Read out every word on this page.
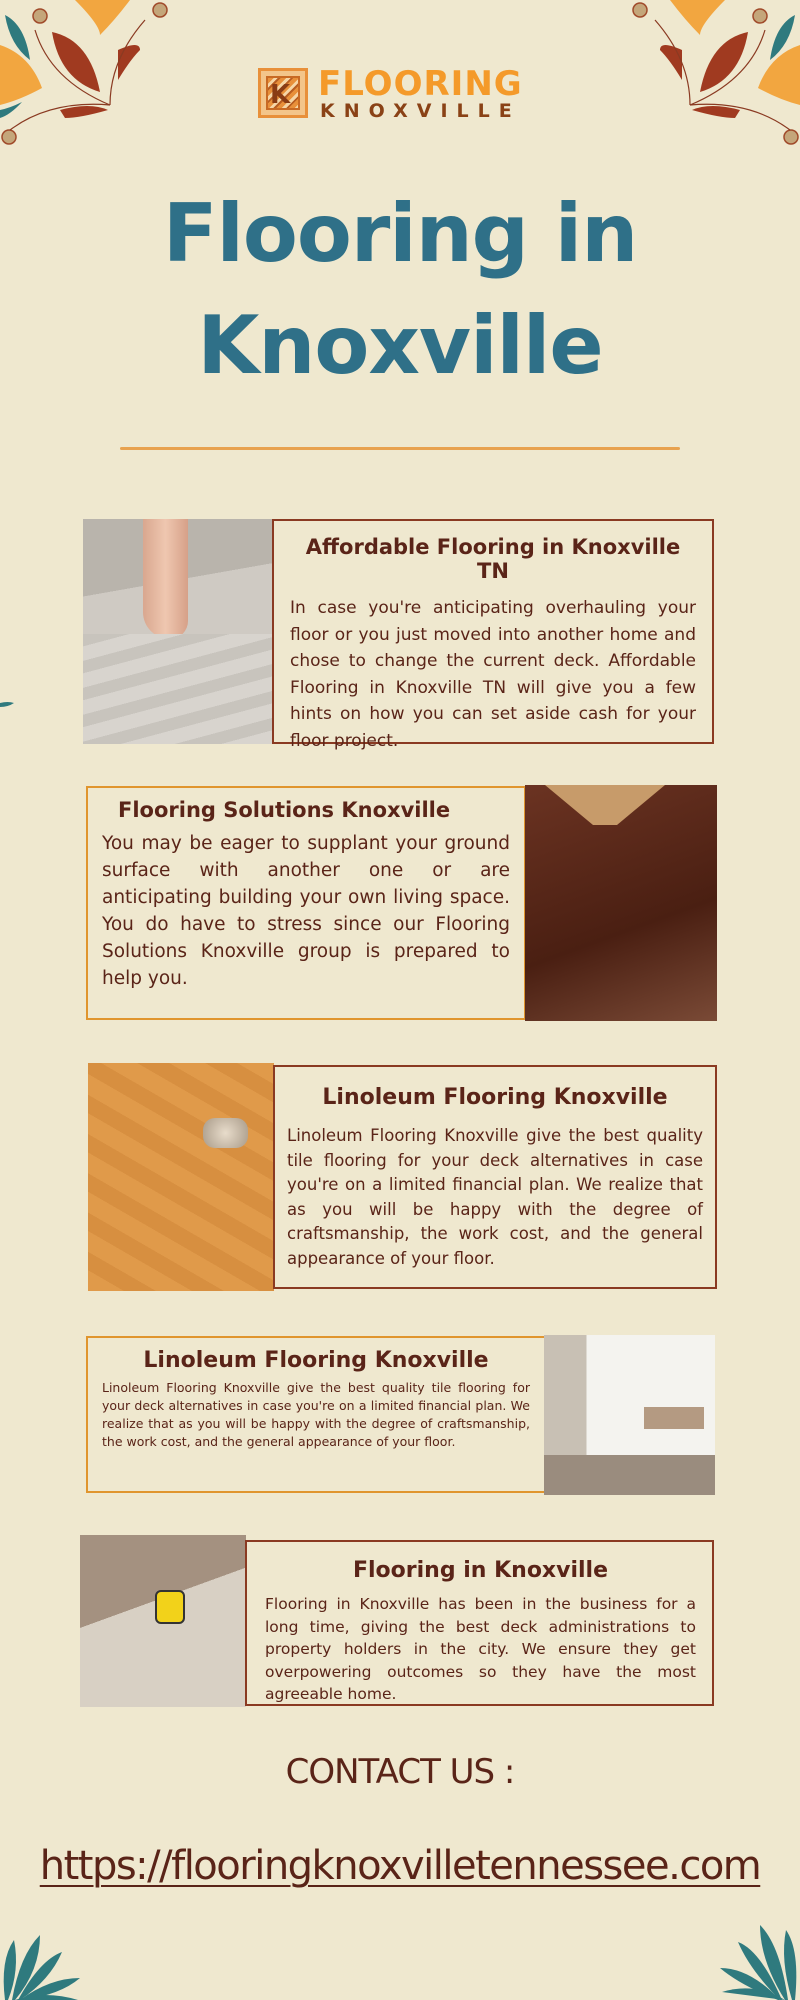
K FLOORING
KNOXVILLE
Flooring in
Knoxville
Affordable Flooring in Knoxville TN

In case you're anticipating overhauling your floor or you just moved into another home and chose to change the current deck. Affordable Flooring in Knoxville TN will give you a few hints on how you can set aside cash for your floor project.

Flooring Solutions Knoxville

You may be eager to supplant your ground surface with another one or are anticipating building your own living space. You do have to stress since our Flooring Solutions Knoxville group is prepared to help you.

Linoleum Flooring Knoxville

Linoleum Flooring Knoxville give the best quality tile flooring for your deck alternatives in case you're on a limited financial plan. We realize that as you will be happy with the degree of craftsmanship, the work cost, and the general appearance of your floor.

Linoleum Flooring Knoxville

Linoleum Flooring Knoxville give the best quality tile flooring for your deck alternatives in case you're on a limited financial plan. We realize that as you will be happy with the degree of craftsmanship, the work cost, and the general appearance of your floor.

Flooring in Knoxville

Flooring in Knoxville has been in the business for a long time, giving the best deck administrations to property holders in the city. We ensure they get overpowering outcomes so they have the most agreeable home.

CONTACT US :
https://flooringknoxvilletennessee.com
